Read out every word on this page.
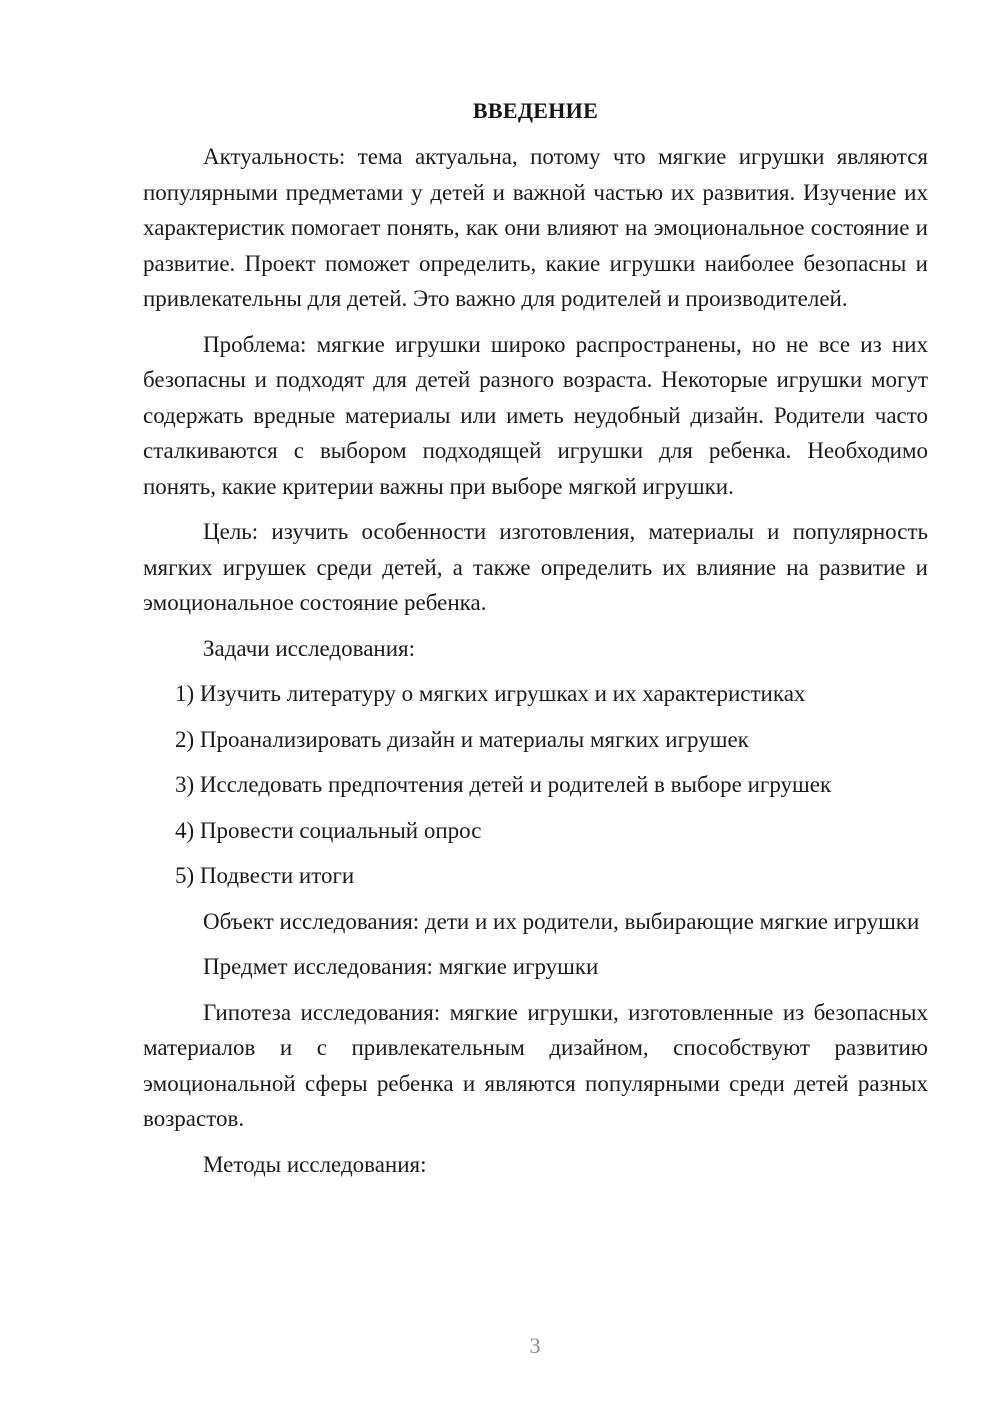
ВВЕДЕНИЕ

Актуальность: тема актуальна, потому что мягкие игрушки являются популярными предметами у детей и важной частью их развития. Изучение их характеристик помогает понять, как они влияют на эмоциональное состояние и развитие. Проект поможет определить, какие игрушки наиболее безопасны и привлекательны для детей. Это важно для родителей и производителей.

Проблема: мягкие игрушки широко распространены, но не все из них безопасны и подходят для детей разного возраста. Некоторые игрушки могут содержать вредные материалы или иметь неудобный дизайн. Родители часто сталкиваются с выбором подходящей игрушки для ребенка. Необходимо понять, какие критерии важны при выборе мягкой игрушки.

Цель: изучить особенности изготовления, материалы и популярность мягких игрушек среди детей, а также определить их влияние на развитие и эмоциональное состояние ребенка.

Задачи исследования:

1) Изучить литературу о мягких игрушках и их характеристиках

2) Проанализировать дизайн и материалы мягких игрушек

3) Исследовать предпочтения детей и родителей в выборе игрушек

4) Провести социальный опрос

5) Подвести итоги

Объект исследования: дети и их родители, выбирающие мягкие игрушки

Предмет исследования: мягкие игрушки

Гипотеза исследования: мягкие игрушки, изготовленные из безопасных материалов и с привлекательным дизайном, способствуют развитию эмоциональной сферы ребенка и являются популярными среди детей разных возрастов.

Методы исследования:

3
